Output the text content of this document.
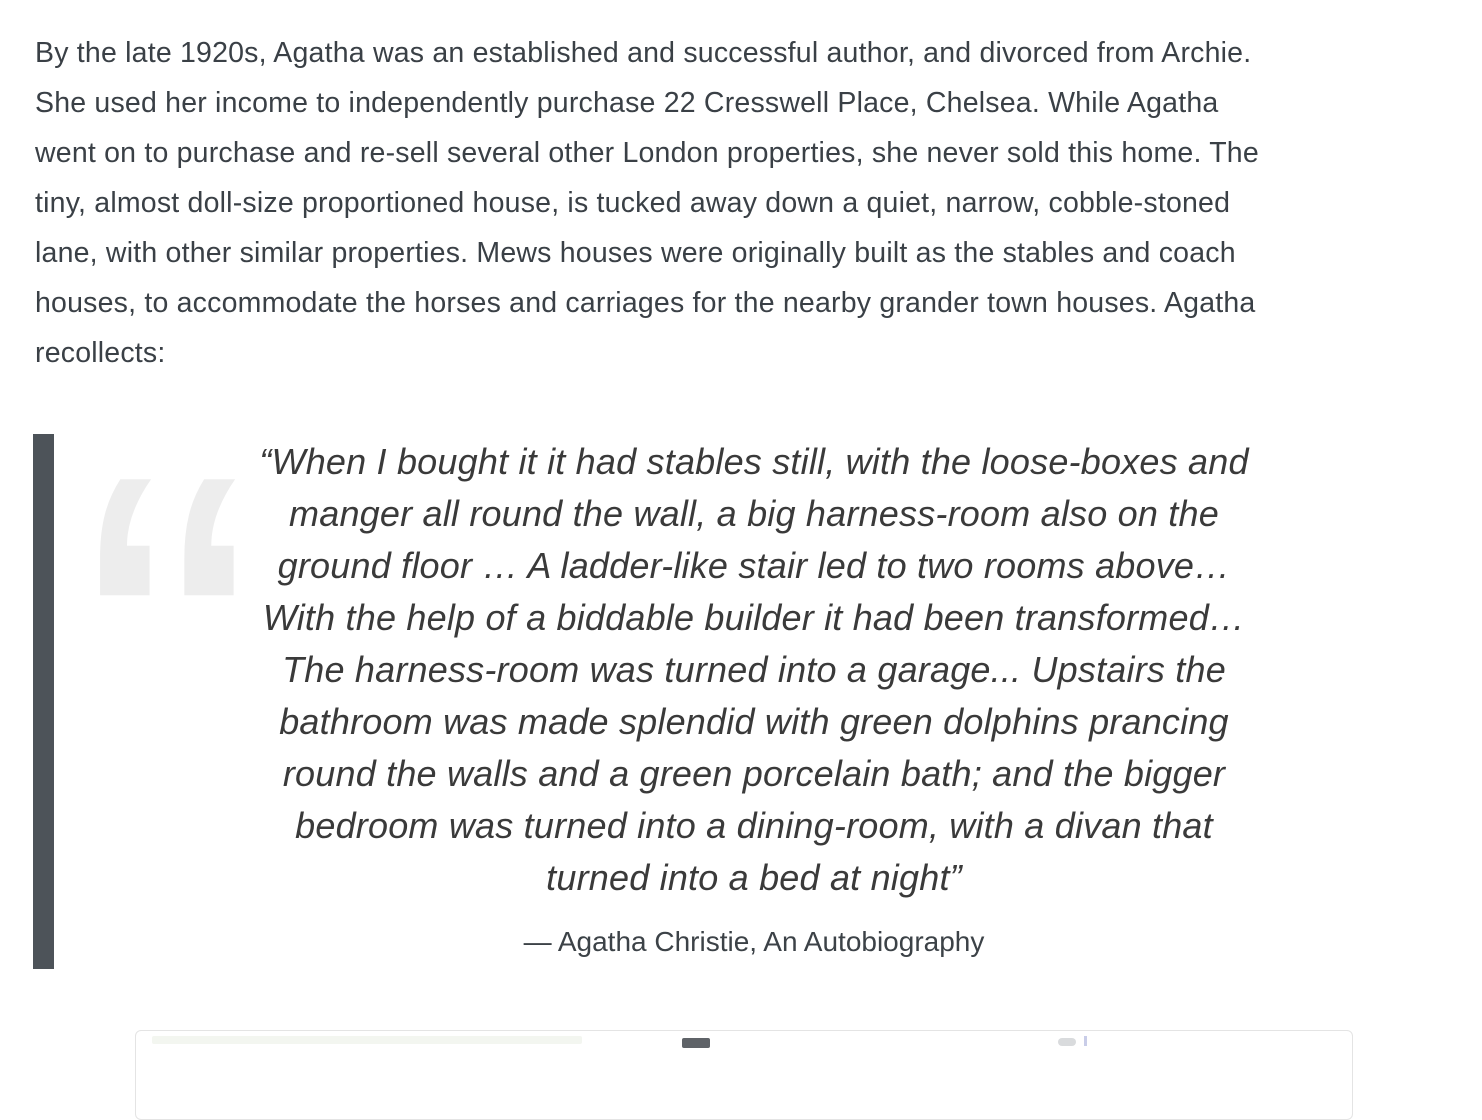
By the late 1920s, Agatha was an established and successful author, and divorced from Archie.
She used her income to independently purchase 22 Cresswell Place, Chelsea. While Agatha
went on to purchase and re-sell several other London properties, she never sold this home. The
tiny, almost doll-size proportioned house, is tucked away down a quiet, narrow, cobble-stoned
lane, with other similar properties. Mews houses were originally built as the stables and coach
houses, to accommodate the horses and carriages for the nearby grander town houses. Agatha
recollects:
“ “When I bought it it had stables still, with the loose-boxes and
manger all round the wall, a big harness-room also on the
ground floor … A ladder-like stair led to two rooms above…
With the help of a biddable builder it had been transformed…
The harness-room was turned into a garage... Upstairs the
bathroom was made splendid with green dolphins prancing
round the walls and a green porcelain bath; and the bigger
bedroom was turned into a dining-room, with a divan that
turned into a bed at night”
— Agatha Christie, An Autobiography
